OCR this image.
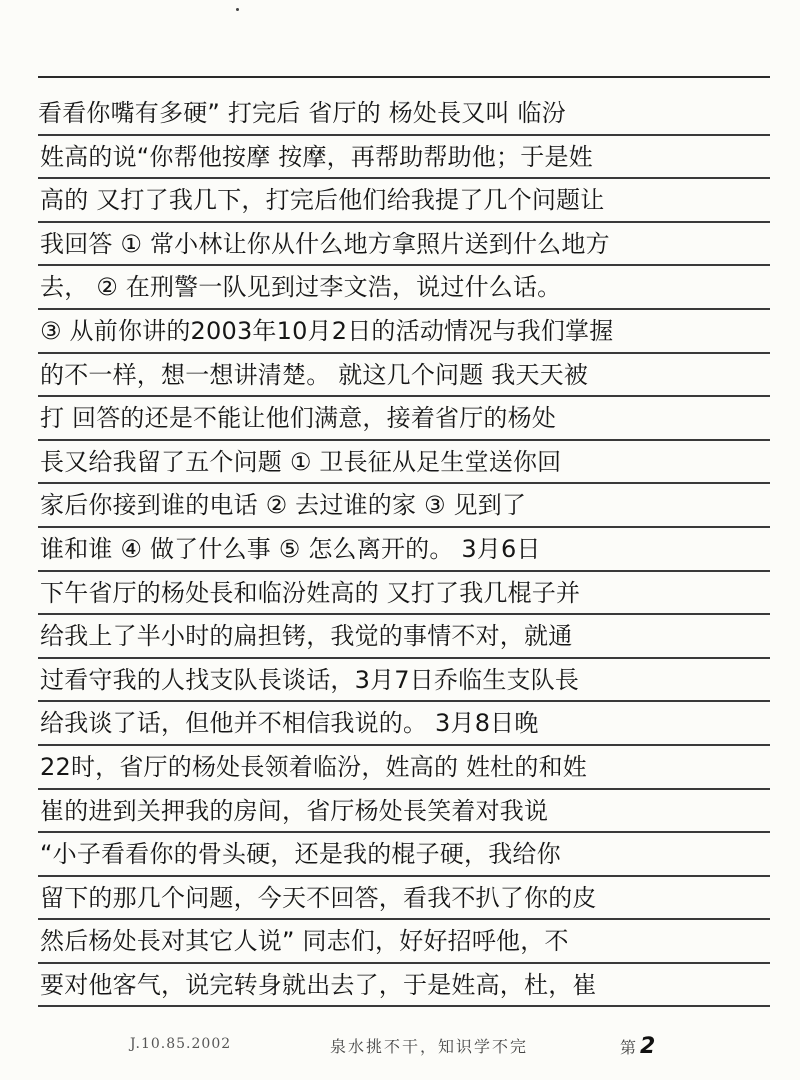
看看你嘴有多硬” 打完后 省厅的 杨处長又叫 临汾
姓高的说“你帮他按摩 按摩，再帮助帮助他；于是姓
高的 又打了我几下，打完后他们给我提了几个问题让
我回答 ① 常小林让你从什么地方拿照片送到什么地方
去， ② 在刑警一队见到过李文浩，说过什么话。
③ 从前你讲的2003年10月2日的活动情况与我们掌握
的不一样，想一想讲清楚。 就这几个问题 我天天被
打 回答的还是不能让他们满意，接着省厅的杨处
長又给我留了五个问题 ① 卫長征从足生堂送你回
家后你接到谁的电话 ② 去过谁的家 ③ 见到了
谁和谁 ④ 做了什么事 ⑤ 怎么离开的。 3月6日
下午省厅的杨处長和临汾姓高的 又打了我几棍子并
给我上了半小时的扁担铐，我觉的事情不对，就通
过看守我的人找支队長谈话，3月7日乔临生支队長
给我谈了话，但他并不相信我说的。 3月8日晚
22时，省厅的杨处長领着临汾，姓高的 姓杜的和姓
崔的进到关押我的房间，省厅杨处長笑着对我说
“小子看看你的骨头硬，还是我的棍子硬，我给你
留下的那几个问题，今天不回答，看我不扒了你的皮
然后杨处長对其它人说” 同志们，好好招呼他，不
要对他客气，说完转身就出去了，于是姓高，杜，崔
J.10.85.2002	泉水挑不干，知识学不完	第 2
